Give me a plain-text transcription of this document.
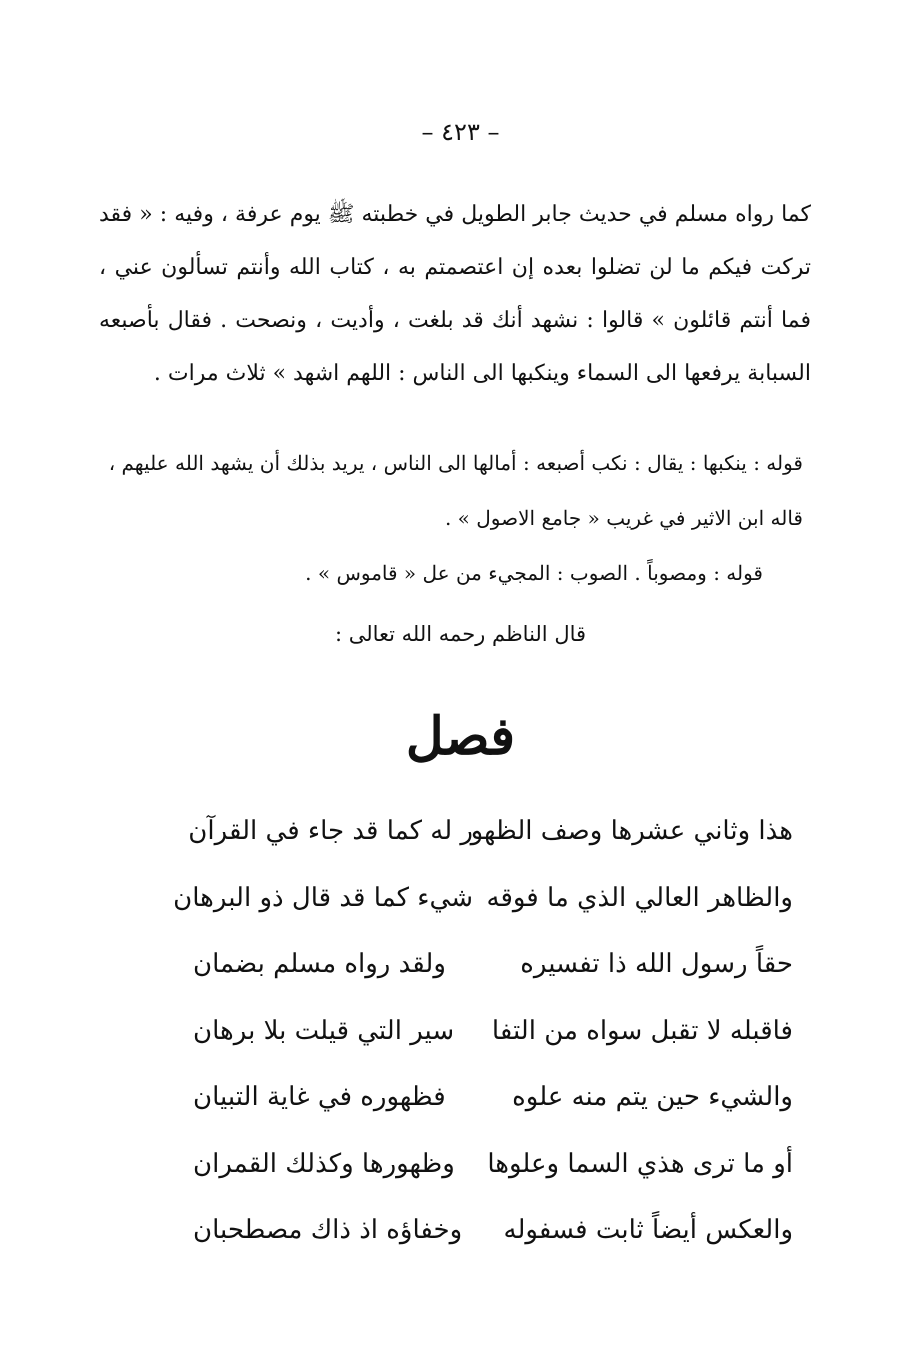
– ٤٢٣ –
كما رواه مسلم في حديث جابر الطويل في خطبته ﷺ يوم عرفة ، وفيه : « فقد تركت فيكم ما لن تضلوا بعده إن اعتصمتم به ، كتاب الله وأنتم تسألون عني ، فما أنتم قائلون » قالوا : نشهد أنك قد بلغت ، وأديت ، ونصحت . فقال بأصبعه السبابة يرفعها الى السماء وينكبها الى الناس : اللهم اشهد » ثلاث مرات .

قوله : ينكبها : يقال : نكب أصبعه : أمالها الى الناس ، يريد بذلك أن يشهد الله عليهم ، قاله ابن الاثير في غريب « جامع الاصول » .

قوله : ومصوباً . الصوب : المجيء من عل « قاموس » .

قال الناظم رحمه الله تعالى :
فصل
هذا وثاني عشرها وصف الظهو
ر له كما قد جاء في القرآن
والظاهر العالي الذي ما فوقه
شيء كما قد قال ذو البرهان
حقاً رسول الله ذا تفسيره
ولقد رواه مسلم بضمان
فاقبله لا تقبل سواه من التفا
سير التي قيلت بلا برهان
والشيء حين يتم منه علوه
فظهوره في غاية التبيان
أو ما ترى هذي السما وعلوها
وظهورها وكذلك القمران
والعكس أيضاً ثابت فسفوله
وخفاؤه اذ ذاك مصطحبان
